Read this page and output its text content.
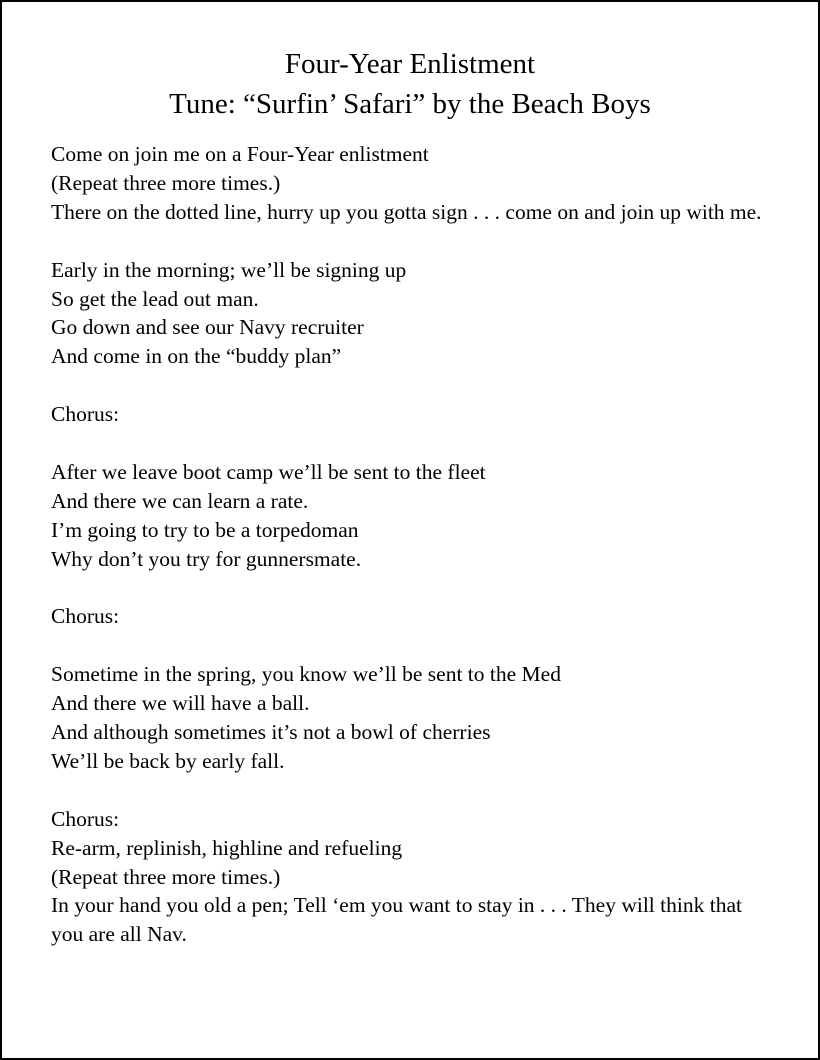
Four-Year Enlistment
Tune: “Surfin’ Safari” by the Beach Boys
Come on join me on a Four-Year enlistment
(Repeat three more times.)
There on the dotted line, hurry up you gotta sign . . . come on and join up with me.
Early in the morning; we’ll be signing up
So get the lead out man.
Go down and see our Navy recruiter
And come in on the “buddy plan”
Chorus:
After we leave boot camp we’ll be sent to the fleet
And there we can learn a rate.
I’m going to try to be a torpedoman
Why don’t you try for gunnersmate.
Chorus:
Sometime in the spring, you know we’ll be sent to the Med
And there we will have a ball.
And although sometimes it’s not a bowl of cherries
We’ll be back by early fall.
Chorus:
Re-arm, replinish, highline and refueling
(Repeat three more times.)
In your hand you old a pen; Tell ‘em you want to stay in . . . They will think that you are all Nav.
